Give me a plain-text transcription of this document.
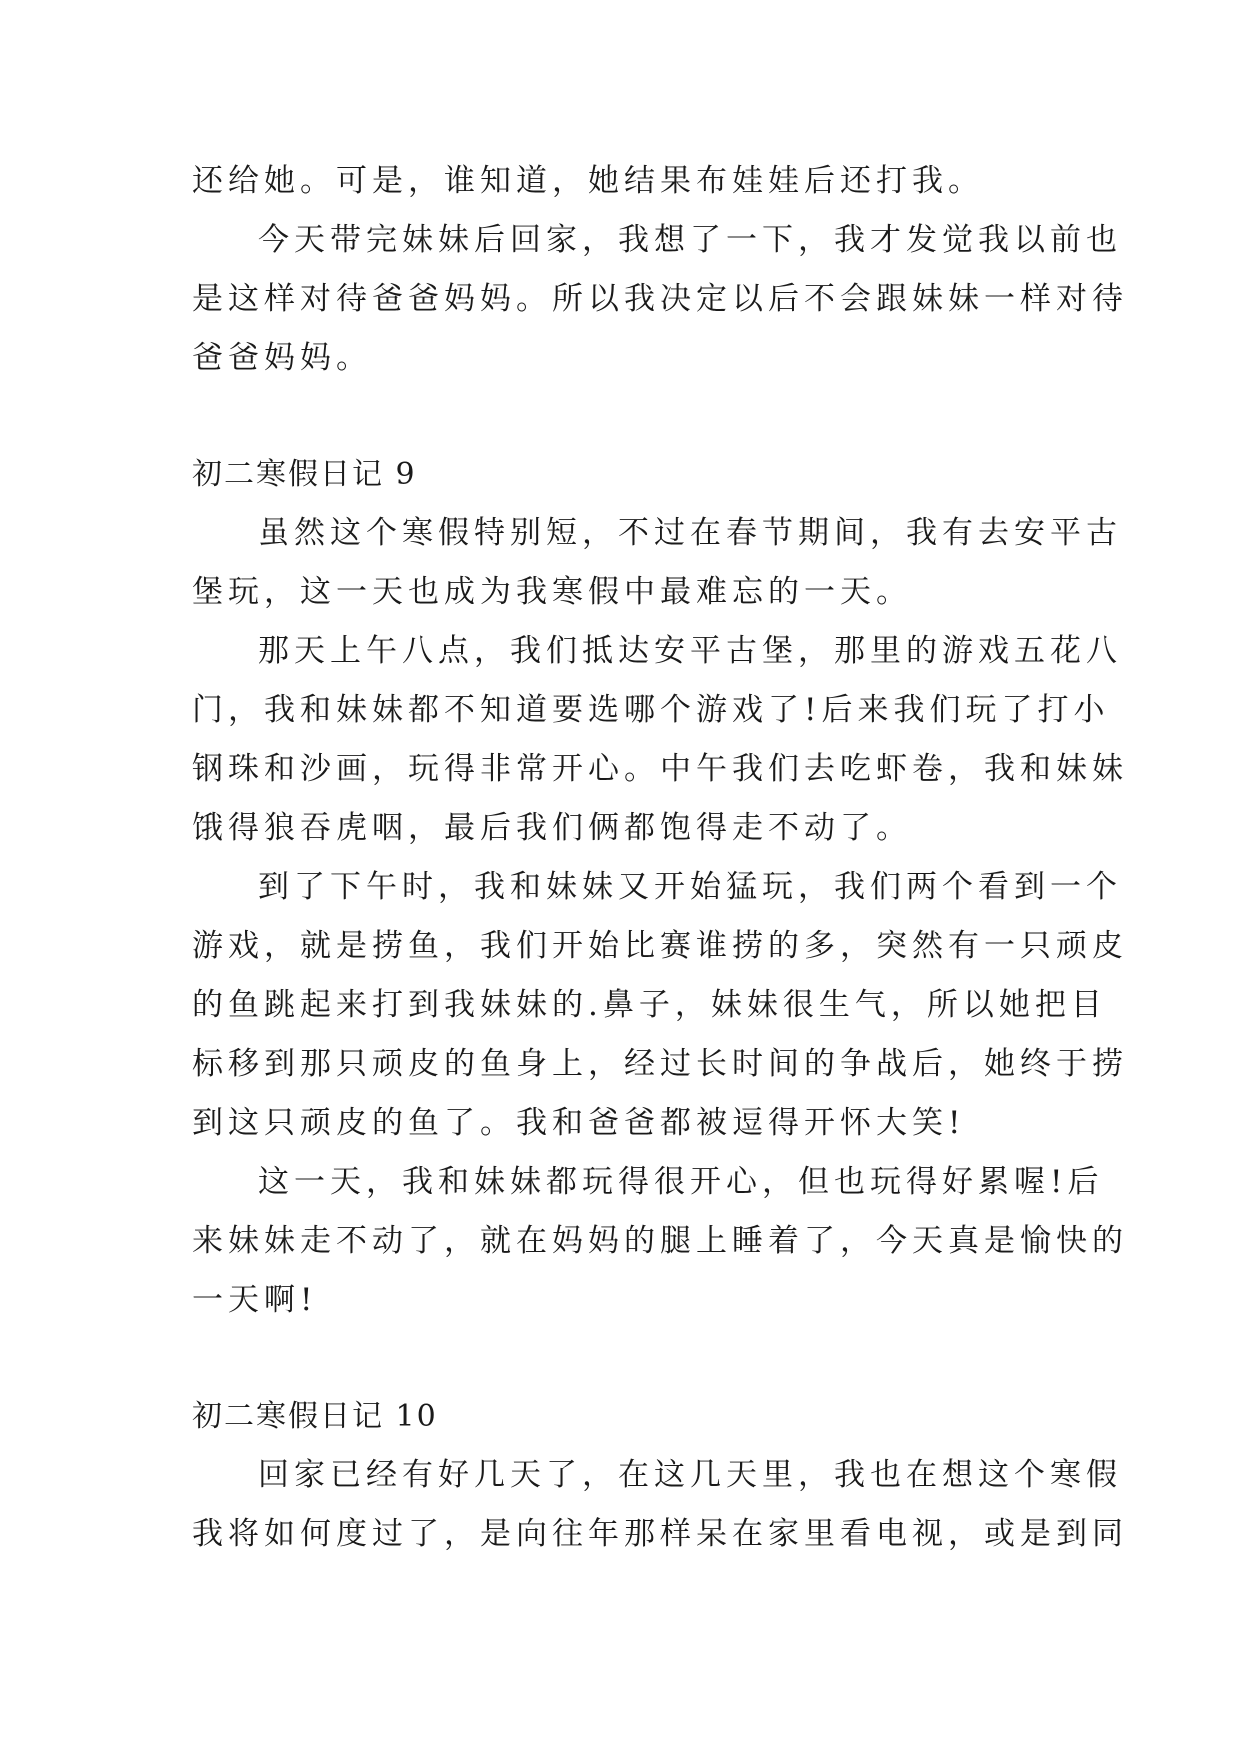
还给她。可是，谁知道，她结果布娃娃后还打我。
今天带完妹妹后回家，我想了一下，我才发觉我以前也
是这样对待爸爸妈妈。所以我决定以后不会跟妹妹一样对待
爸爸妈妈。
初二寒假日记 9
虽然这个寒假特别短，不过在春节期间，我有去安平古
堡玩，这一天也成为我寒假中最难忘的一天。
那天上午八点，我们抵达安平古堡，那里的游戏五花八
门，我和妹妹都不知道要选哪个游戏了!后来我们玩了打小
钢珠和沙画，玩得非常开心。中午我们去吃虾卷，我和妹妹
饿得狼吞虎咽，最后我们俩都饱得走不动了。
到了下午时，我和妹妹又开始猛玩，我们两个看到一个
游戏，就是捞鱼，我们开始比赛谁捞的多，突然有一只顽皮
的鱼跳起来打到我妹妹的.鼻子，妹妹很生气，所以她把目
标移到那只顽皮的鱼身上，经过长时间的争战后，她终于捞
到这只顽皮的鱼了。我和爸爸都被逗得开怀大笑!
这一天，我和妹妹都玩得很开心，但也玩得好累喔!后
来妹妹走不动了，就在妈妈的腿上睡着了，今天真是愉快的
一天啊!
初二寒假日记 10
回家已经有好几天了，在这几天里，我也在想这个寒假
我将如何度过了，是向往年那样呆在家里看电视，或是到同
